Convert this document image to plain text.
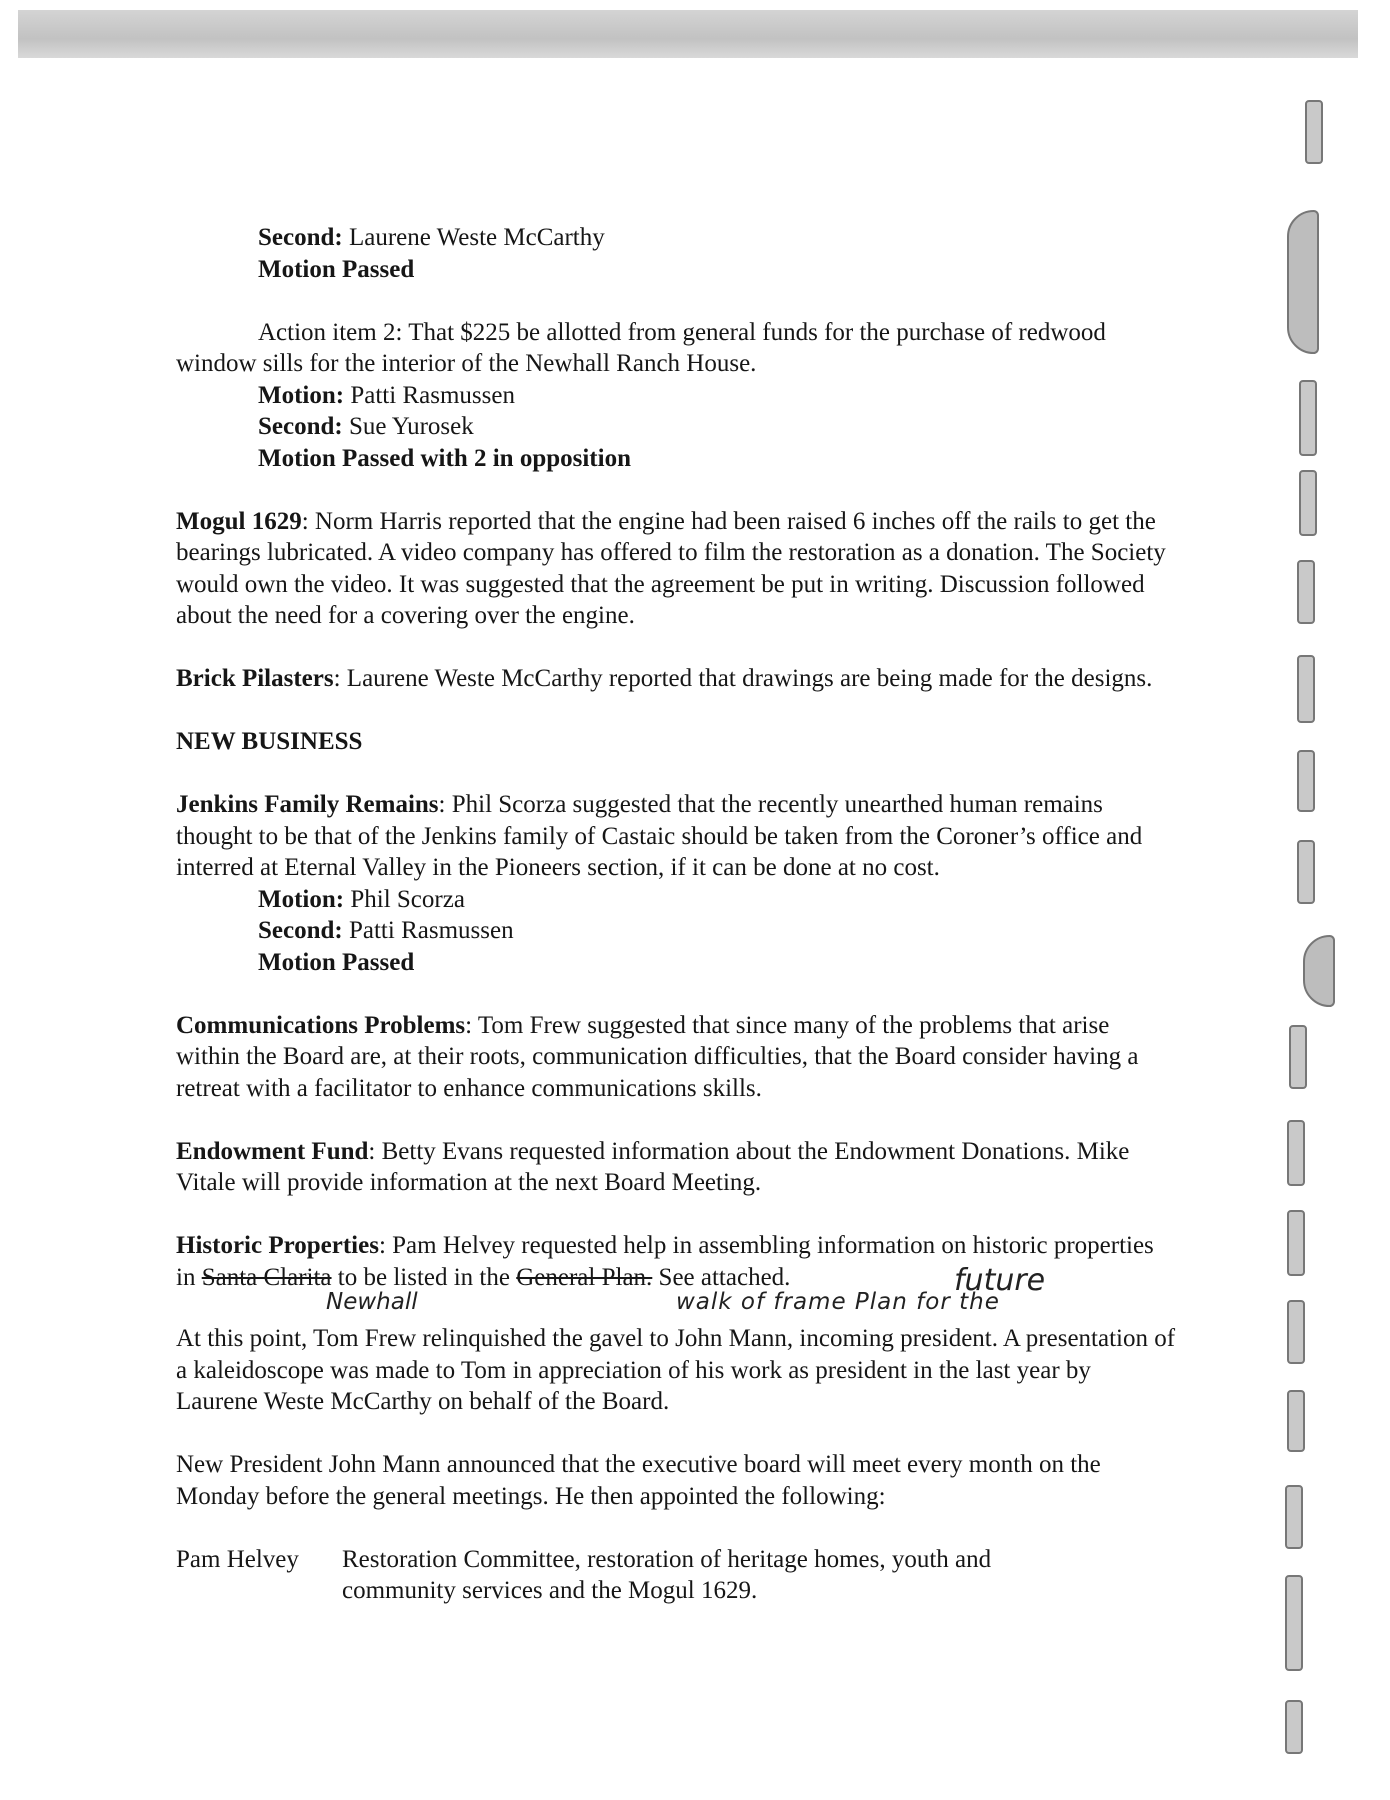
Second: Laurene Weste McCarthy
Motion Passed

Action item 2: That $225 be allotted from general funds for the purchase of redwood window sills for the interior of the Newhall Ranch House.

Motion: Patti Rasmussen
Second: Sue Yurosek
Motion Passed with 2 in opposition

Mogul 1629: Norm Harris reported that the engine had been raised 6 inches off the rails to get the bearings lubricated. A video company has offered to film the restoration as a donation. The Society would own the video. It was suggested that the agreement be put in writing. Discussion followed about the need for a covering over the engine.

Brick Pilasters: Laurene Weste McCarthy reported that drawings are being made for the designs.

NEW BUSINESS

Jenkins Family Remains: Phil Scorza suggested that the recently unearthed human remains thought to be that of the Jenkins family of Castaic should be taken from the Coroner’s office and interred at Eternal Valley in the Pioneers section, if it can be done at no cost.

Motion: Phil Scorza
Second: Patti Rasmussen
Motion Passed

Communications Problems: Tom Frew suggested that since many of the problems that arise within the Board are, at their roots, communication difficulties, that the Board consider having a retreat with a facilitator to enhance communications skills.

Endowment Fund: Betty Evans requested information about the Endowment Donations. Mike Vitale will provide information at the next Board Meeting.

Historic Properties: Pam Helvey requested help in assembling information on historic properties in Santa Clarita to be listed in the General Plan. See attached.

Newhall	walk of frame Plan for the
future

At this point, Tom Frew relinquished the gavel to John Mann, incoming president. A presentation of a kaleidoscope was made to Tom in appreciation of his work as president in the last year by Laurene Weste McCarthy on behalf of the Board.

New President John Mann announced that the executive board will meet every month on the Monday before the general meetings. He then appointed the following:

Pam Helvey	Restoration Committee, restoration of heritage homes, youth and community services and the Mogul 1629.
